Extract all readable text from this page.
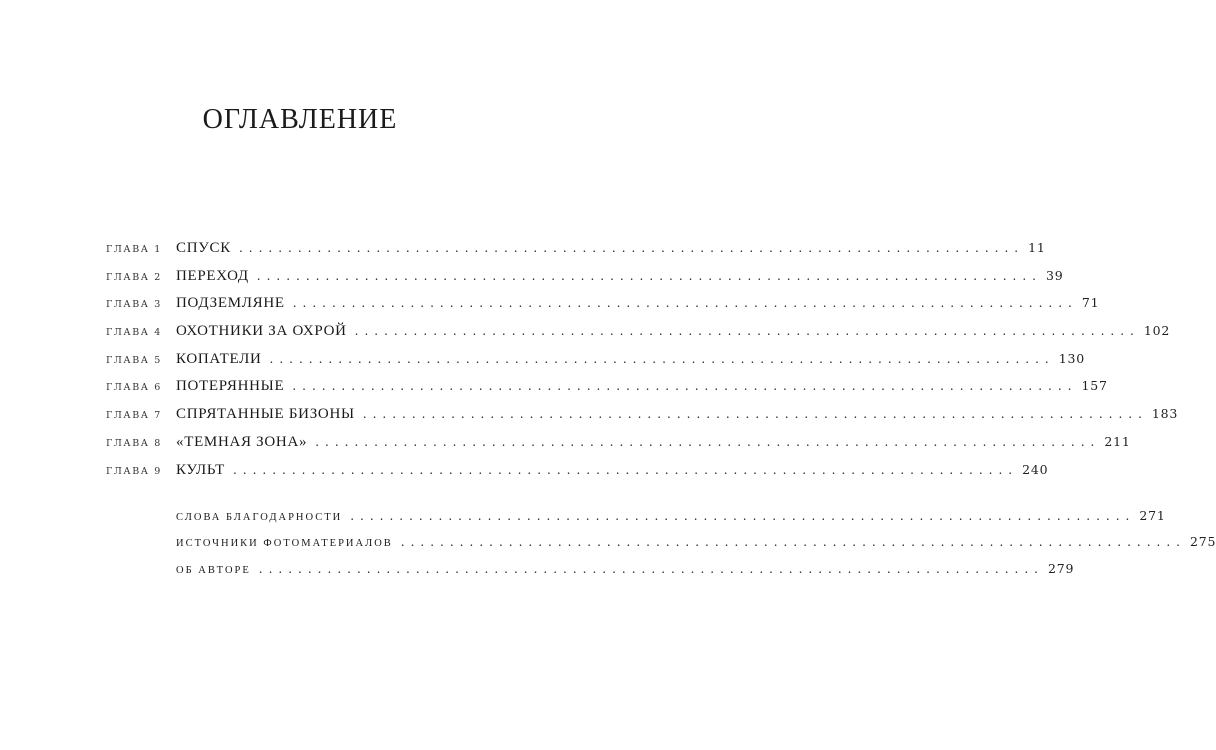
ОГЛАВЛЕНИЕ
ГЛАВА 1 СПУСК ................................................................................ 11
ГЛАВА 2 ПЕРЕХОД ................................................................................ 39
ГЛАВА 3 ПОДЗЕМЛЯНЕ ................................................................................ 71
ГЛАВА 4 ОХОТНИКИ ЗА ОХРОЙ ................................................................................ 102
ГЛАВА 5 КОПАТЕЛИ ................................................................................ 130
ГЛАВА 6 ПОТЕРЯННЫЕ ................................................................................ 157
ГЛАВА 7 СПРЯТАННЫЕ БИЗОНЫ ................................................................................ 183
ГЛАВА 8 «ТЕМНАЯ ЗОНА» ................................................................................ 211
ГЛАВА 9 КУЛЬТ ................................................................................ 240
СЛОВА БЛАГОДАРНОСТИ ................................................................................ 271
ИСТОЧНИКИ ФОТОМАТЕРИАЛОВ ................................................................................ 275
ОБ АВТОРЕ ................................................................................ 279
